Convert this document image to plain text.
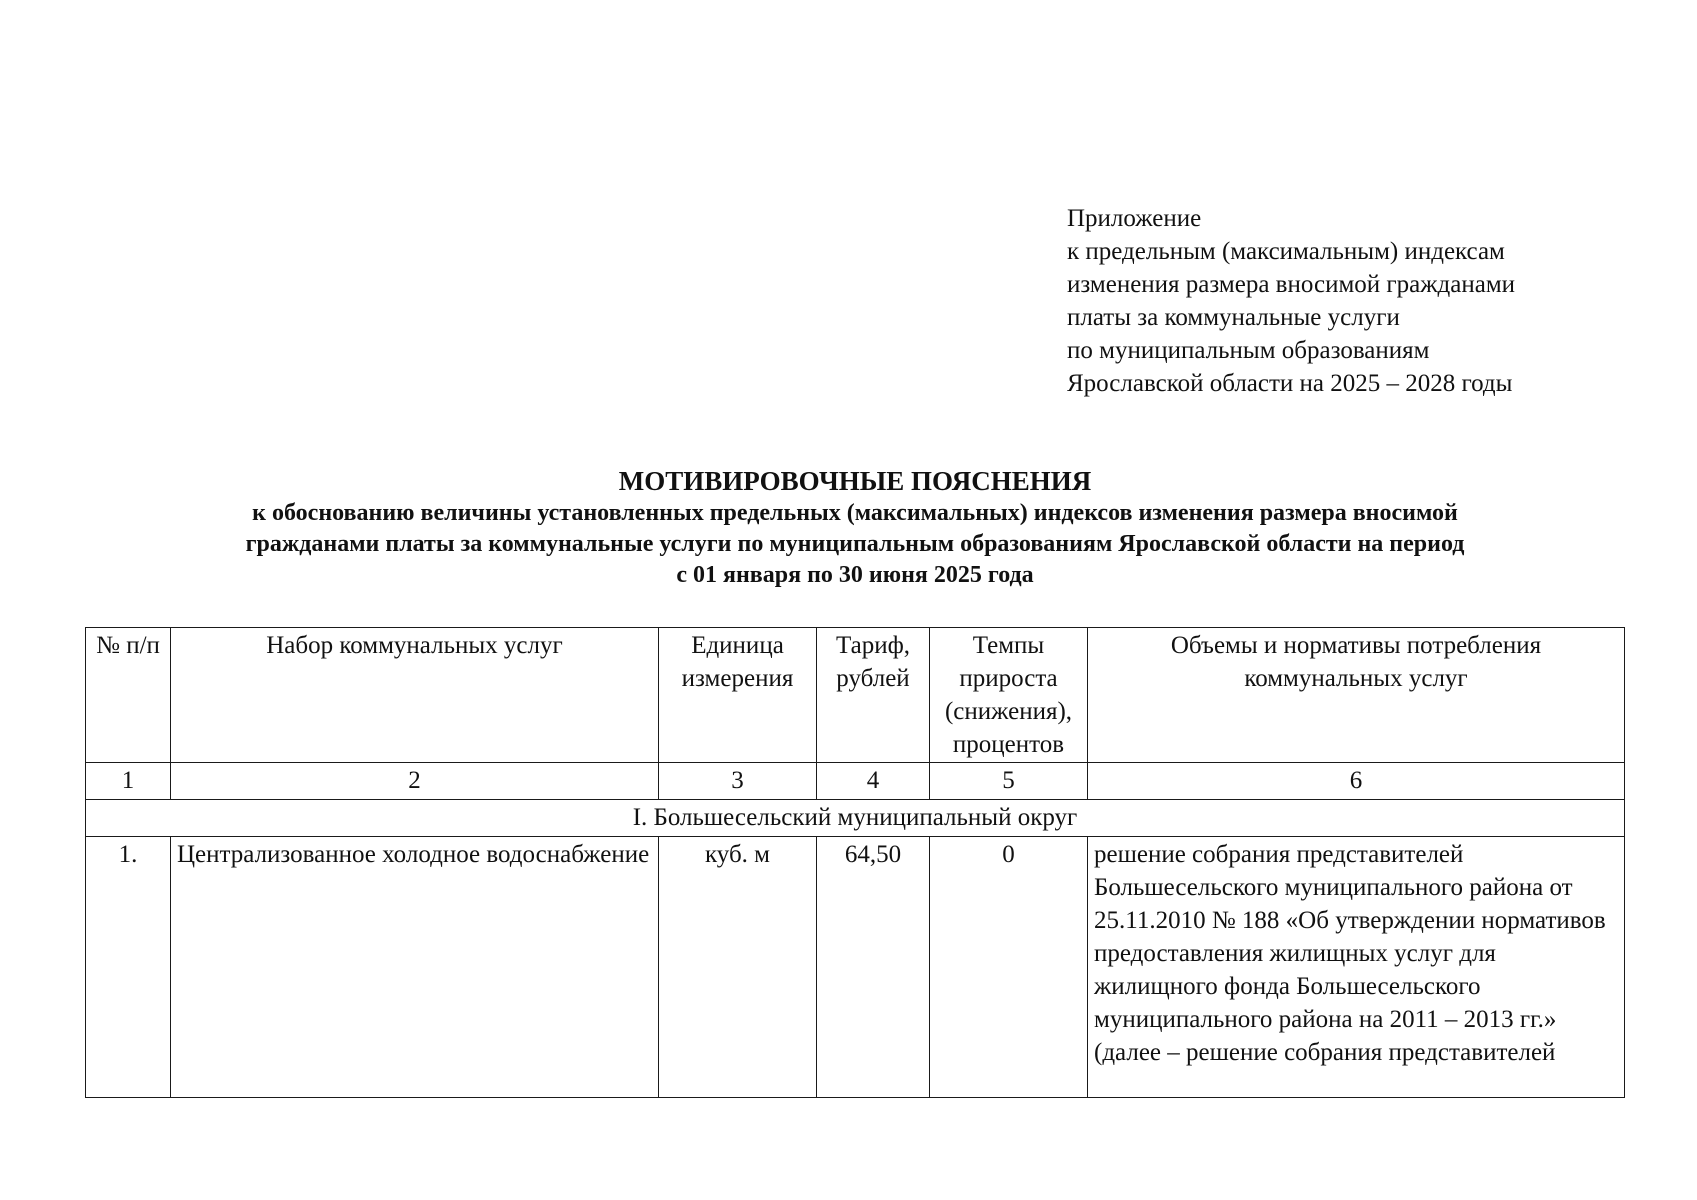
Приложение
к предельным (максимальным) индексам
изменения размера вносимой гражданами
платы за коммунальные услуги
по муниципальным образованиям
Ярославской области на 2025 – 2028 годы
МОТИВИРОВОЧНЫЕ ПОЯСНЕНИЯ
к обоснованию величины установленных предельных (максимальных) индексов изменения размера вносимой
гражданами платы за коммунальные услуги по муниципальным образованиям Ярославской области на период
с 01 января по 30 июня 2025 года
№ п/п	Набор коммунальных услуг	Единица измерения	Тариф, рублей	Темпы прироста (снижения), процентов	Объемы и нормативы потребления коммунальных услуг
1	2	3	4	5	6
I. Большесельский муниципальный округ					
1.	Централизованное холодное водоснабжение	куб. м	64,50	0	решение собрания представителей Большесельского муниципального района от 25.11.2010 № 188 «Об утверждении нормативов предоставления жилищных услуг для жилищного фонда Большесельского муниципального района на 2011 – 2013 гг.» (далее – решение собрания представителей
